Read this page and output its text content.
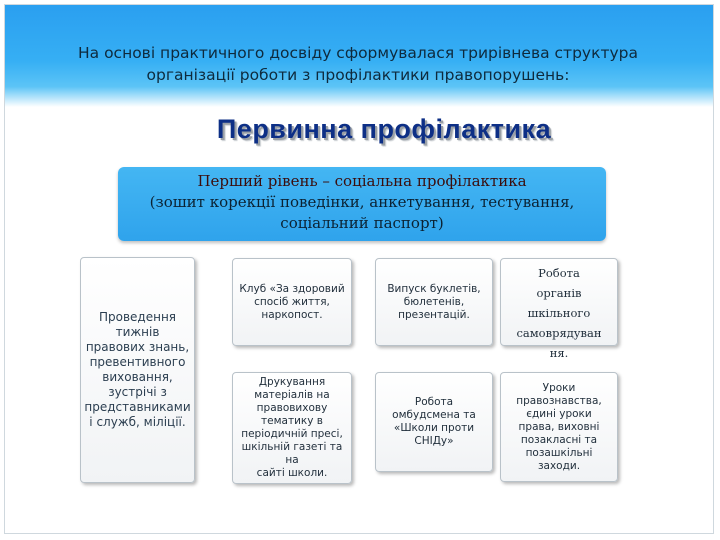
На основі практичного досвіду сформувалася трирівнева структура
організації роботи з профілактики правопорушень:
Первинна профілактика
Перший рівень – соціальна профілактика
(зошит корекції поведінки, анкетування, тестування,
соціальний паспорт)
Проведення
тижнів
правових знань,
превентивного
виховання,
зустрічі з
представниками
і служб, міліції.
Клуб «За здоровий
спосіб життя,
наркопост.
Друкування
матеріалів на
правовихову
тематику в
періодичній пресі,
шкільній газеті та на
сайті школи.
Випуск буклетів,
бюлетенів,
презентацій.
Робота
омбудсмена та
«Школи проти
СНІДу»
Робота
органів
шкільного
самоврядуван
ня.
Уроки
правознавства,
єдині уроки
права, виховні
позакласні та
позашкільні
заходи.
